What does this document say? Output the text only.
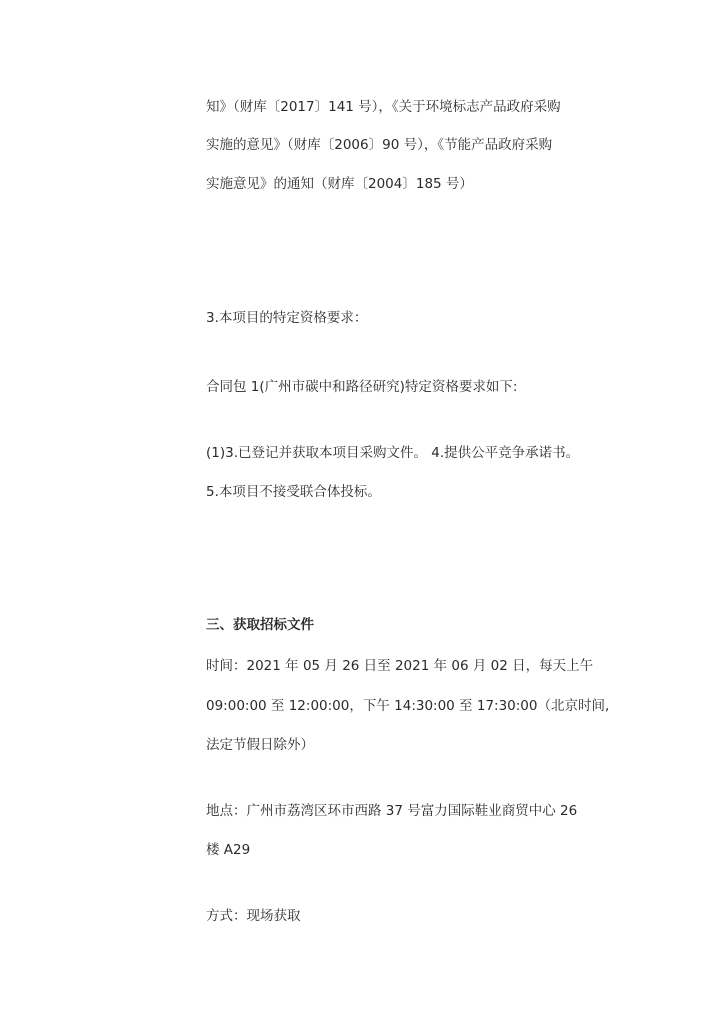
知》（财库〔2017〕141 号），《关于环境标志产品政府采购
实施的意见》（财库〔2006〕90 号），《节能产品政府采购
实施意见》的通知（财库〔2004〕185 号）
3.本项目的特定资格要求：
合同包 1(广州市碳中和路径研究)特定资格要求如下:
(1)3.已登记并获取本项目采购文件。 4.提供公平竞争承诺书。
5.本项目不接受联合体投标。
三、获取招标文件
时间：2021 年 05 月 26 日至 2021 年 06 月 02 日，每天上午
09:00:00 至 12:00:00，下午 14:30:00 至 17:30:00（北京时间,
法定节假日除外）
地点：广州市荔湾区环市西路 37 号富力国际鞋业商贸中心 26
楼 A29
方式：现场获取
